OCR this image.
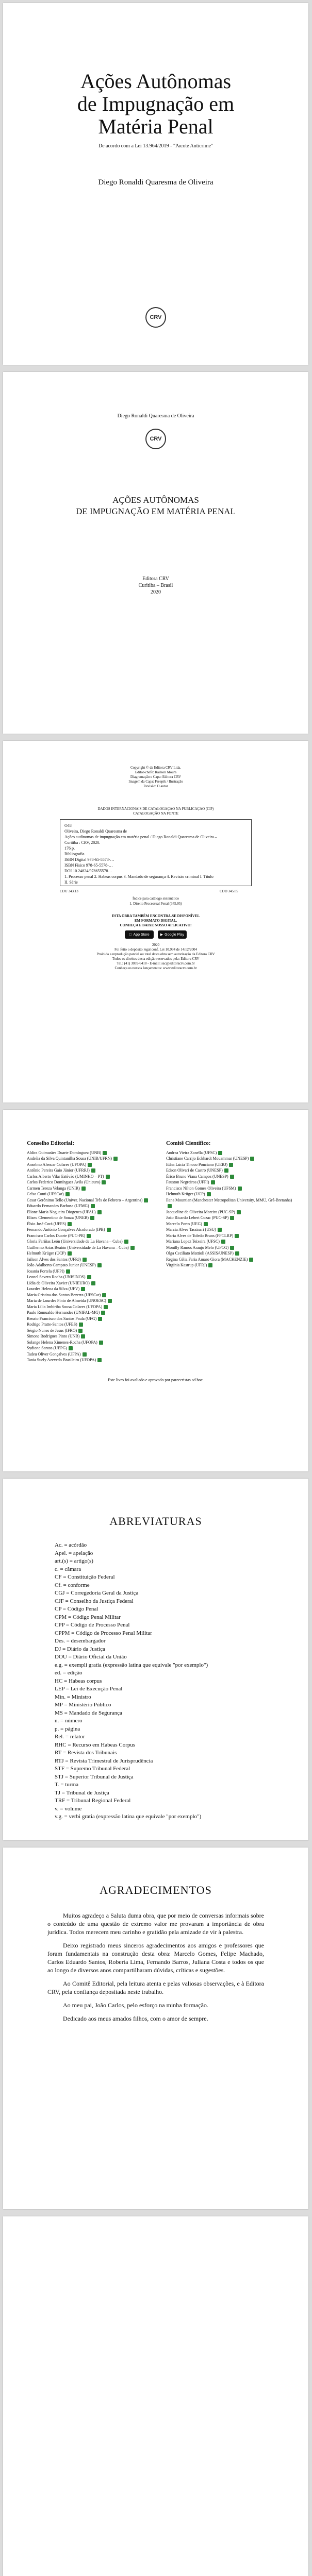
Ações Autônomas
de Impugnação em
Matéria Penal
De acordo com a Lei 13.964/2019 - "Pacote Anticrime"
Diego Ronaldi Quaresma de Oliveira
CRV
Diego Ronaldi Quaresma de Oliveira
AÇÕES AUTÔNOMAS
DE IMPUGNAÇÃO EM MATÉRIA PENAL
Editora CRV
Curitiba – Brasil
2020
CRV
Copyright © da Editora CRV Ltda.
Editor-chefe: Railson Moura
Diagramação e Capa: Editora CRV
Imagem da Capa: Freepik / Ilustração
Revisão: O autor
DADOS INTERNACIONAIS DE CATALOGAÇÃO NA PUBLICAÇÃO (CIP)
CATALOGAÇÃO NA FONTE
O48
Oliveira, Diego Ronaldi Quaresma de
Ações autônomas de impugnação em matéria penal / Diego Ronaldi Quaresma de Oliveira –
Curitiba : CRV, 2020.
176 p.
Bibliografia
ISBN Digital 978-65-5578-…
ISBN Físico 978-65-5578-…
DOI 10.24824/978655578…
1. Processo penal 2. Habeas corpus 3. Mandado de segurança 4. Revisão criminal I. Título
II. Série
CDU 343.13	CDD 345.05
Índice para catálogo sistemático
1. Direito Processual Penal (345.05)
ESTA OBRA TAMBÉM ENCONTRA-SE DISPONÍVEL
EM FORMATO DIGITAL.
CONHEÇA E BAIXE NOSSO APLICATIVO!
App Store	▶ Google Play
2020
Foi feito o depósito legal conf. Lei 10.994 de 14/12/2004
Proibida a reprodução parcial ou total desta obra sem autorização da Editora CRV
Todos os direitos desta edição reservados pela: Editora CRV
Tel.: (41) 3039-6418 - E-mail: sac@editoracrv.com.br
Conheça os nossos lançamentos: www.editoracrv.com.br
Conselho Editorial:
Aldira Guimarães Duarte Domínguez (UNB)
Andréia da Silva Quintanilha Sousa (UNIR/UFRN)
Anselmo Alencar Colares (UFOPA)
Antônio Pereira Gaio Júnior (UFRRJ)
Carlos Alberto Vilar Estêvão (UMINHO – PT)
Carlos Federico Domínguez Avila (Unieuro)
Carmen Tereza Velanga (UNIR)
Celso Conti (UFSCar)
Cesar Gerônimo Tello (Univer. Nacional Três de Febrero – Argentina)
Eduardo Fernandes Barbosa (UFMG)
Elione Maria Nogueira Diogenes (UFAL)
Elizeu Clementino de Souza (UNEB)
Élsio José Corá (UFFS)
Fernando Antônio Gonçalves Alcoforado (IPB)
Francisco Carlos Duarte (PUC-PR)
Gloria Fariñas León (Universidade de La Havana – Cuba)
Guillermo Arias Beatón (Universidade de La Havana – Cuba)
Helmuth Krüger (UCP)
Jailson Alves dos Santos (UFRJ)
João Adalberto Campato Junior (UNESP)
Josania Portela (UFPI)
Leonel Severo Rocha (UNISINOS)
Lídia de Oliveira Xavier (UNIEURO)
Lourdes Helena da Silva (UFV)
Maria Cristina dos Santos Bezerra (UFSCar)
Maria de Lourdes Pinto de Almeida (UNOESC)
Maria Lília Imbiriba Sousa Colares (UFOPA)
Paulo Romualdo Hernandes (UNIFAL-MG)
Renato Francisco dos Santos Paula (UFG)
Rodrigo Pratte-Santos (UFES)
Sérgio Nunes de Jesus (IFRO)
Simone Rodrigues Pinto (UNB)
Solange Helena Ximenes-Rocha (UFOPA)
Sydione Santos (UEPG)
Tadeu Oliver Gonçalves (UFPA)
Tania Suely Azevedo Brasileiro (UFOPA)
Comitê Científico:
Andrea Vieira Zanella (UFSC)
Christiane Carrijo Eckhardt Mouammar (UNESP)
Edna Lúcia Tinoco Ponciano (UERJ)
Edson Olivari de Castro (UNESP)
Érico Bruno Viana Campos (UNESP)
Fauston Negreiros (UFPI)
Francisco Nilton Gomes Oliveira (UFSM)
Helmuth Krüger (UCP)
Ilana Mountian (Manchester Metropolitan University, MMU, Grã-Bretanha)
Jacqueline de Oliveira Moreira (PUC-SP)
João Ricardo Lebert Cozac (PUC-SP)
Marcelo Porto (UEG)
Marcia Alves Tassinari (USU)
Maria Alves de Toledo Bruns (FFCLRP)
Mariana Lopez Teixeira (UFSC)
Monilly Ramos Araujo Melo (UFCG)
Olga Ceciliato Mattioli (ASSIS/UNESP)
Regina Célia Faria Amaro Giora (MACKENZIE)
Virgínia Kastrup (UFRJ)
Este livro foi avaliado e aprovado por pareceristas ad hoc.
ABREVIATURAS
Ac. = acórdão
Apel. = apelação
art.(s) = artigo(s)
c. = câmara
CF = Constituição Federal
Cf. = conforme
CGJ = Corregedoria Geral da Justiça
CJF = Conselho da Justiça Federal
CP = Código Penal
CPM = Código Penal Militar
CPP = Código de Processo Penal
CPPM = Código de Processo Penal Militar
Des. = desembargador
DJ = Diário da Justiça
DOU = Diário Oficial da União
e.g. = exempli gratia (expressão latina que equivale "por exemplo")
ed. = edição
HC = Habeas corpus
LEP = Lei de Execução Penal
Min. = Ministro
MP = Ministério Público
MS = Mandado de Segurança
n. = número
p. = página
Rel. = relator
RHC = Recurso em Habeas Corpus
RT = Revista dos Tribunais
RTJ = Revista Trimestral de Jurisprudência
STF = Supremo Tribunal Federal
STJ = Superior Tribunal de Justiça
T. = turma
TJ = Tribunal de Justiça
TRF = Tribunal Regional Federal
v. = volume
v.g. = verbi gratia (expressão latina que equivale "por exemplo")
AGRADECIMENTOS

Muitos agradeço a Saluta duma obra, que por meio de conversas informais sobre o conteúdo de uma questão de extremo valor me provaram a importância de obra jurídica. Todos merecem meu carinho e gratidão pela amizade de vir à palestra.

Deixo registrado meus sinceros agradecimentos aos amigos e professores que foram fundamentais na construção desta obra: Marcelo Gomes, Felipe Machado, Carlos Eduardo Santos, Roberta Lima, Fernando Barros, Juliana Costa e todos os que ao longo de diversos anos compartilharam dúvidas, críticas e sugestões.

Ao Comitê Editorial, pela leitura atenta e pelas valiosas observações, e à Editora CRV, pela confiança depositada neste trabalho.

Ao meu pai, João Carlos, pelo esforço na minha formação.

Dedicado aos meus amados filhos, com o amor de sempre.
